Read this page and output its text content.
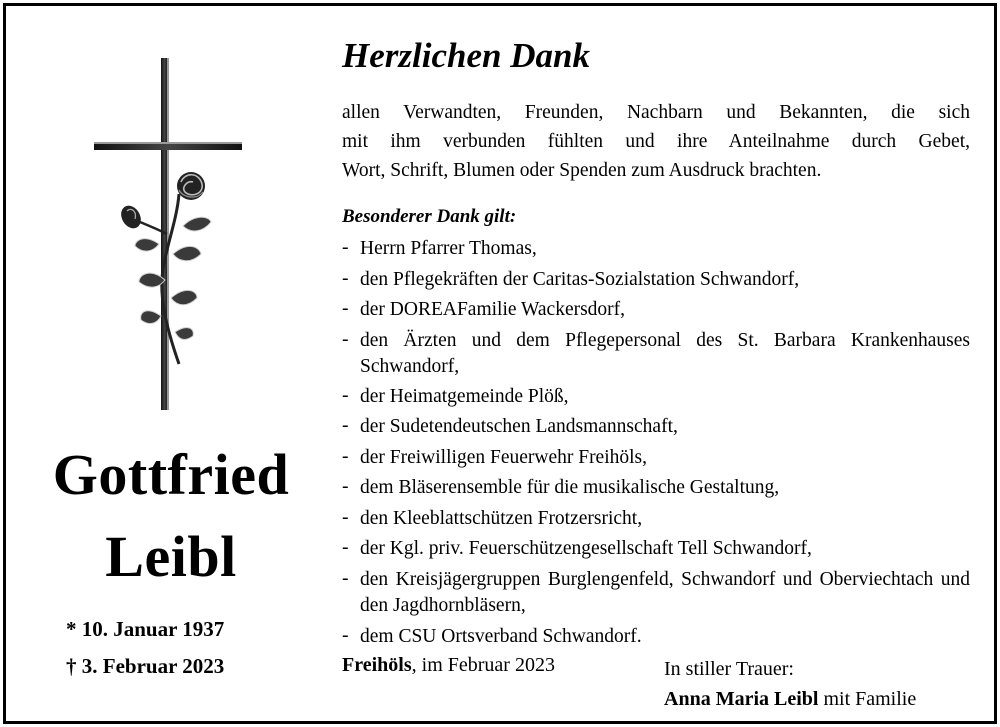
Gottfried
Leibl
* 10. Januar 1937
† 3. Februar 2023
Herzlichen Dank
allen Verwandten, Freunden, Nachbarn und Bekannten, die sich
mit ihm verbunden fühlten und ihre Anteilnahme durch Gebet,
Wort, Schrift, Blumen oder Spenden zum Ausdruck brachten.
Besonderer Dank gilt:
- Herrn Pfarrer Thomas,
- den Pflegekräften der Caritas-Sozialstation Schwandorf,
- der DOREAFamilie Wackersdorf,
- den Ärzten und dem Pflegepersonal des St. Barbara Krankenhauses Schwandorf,
- der Heimatgemeinde Plöß,
- der Sudetendeutschen Landsmannschaft,
- der Freiwilligen Feuerwehr Freihöls,
- dem Bläserensemble für die musikalische Gestaltung,
- den Kleeblattschützen Frotzersricht,
- der Kgl. priv. Feuerschützengesellschaft Tell Schwandorf,
- den Kreisjägergruppen Burglengenfeld, Schwandorf und Oberviechtach und den Jagdhornbläsern,
- dem CSU Ortsverband Schwandorf.
Freihöls, im Februar 2023	In stiller Trauer:
Anna Maria Leibl mit Familie
